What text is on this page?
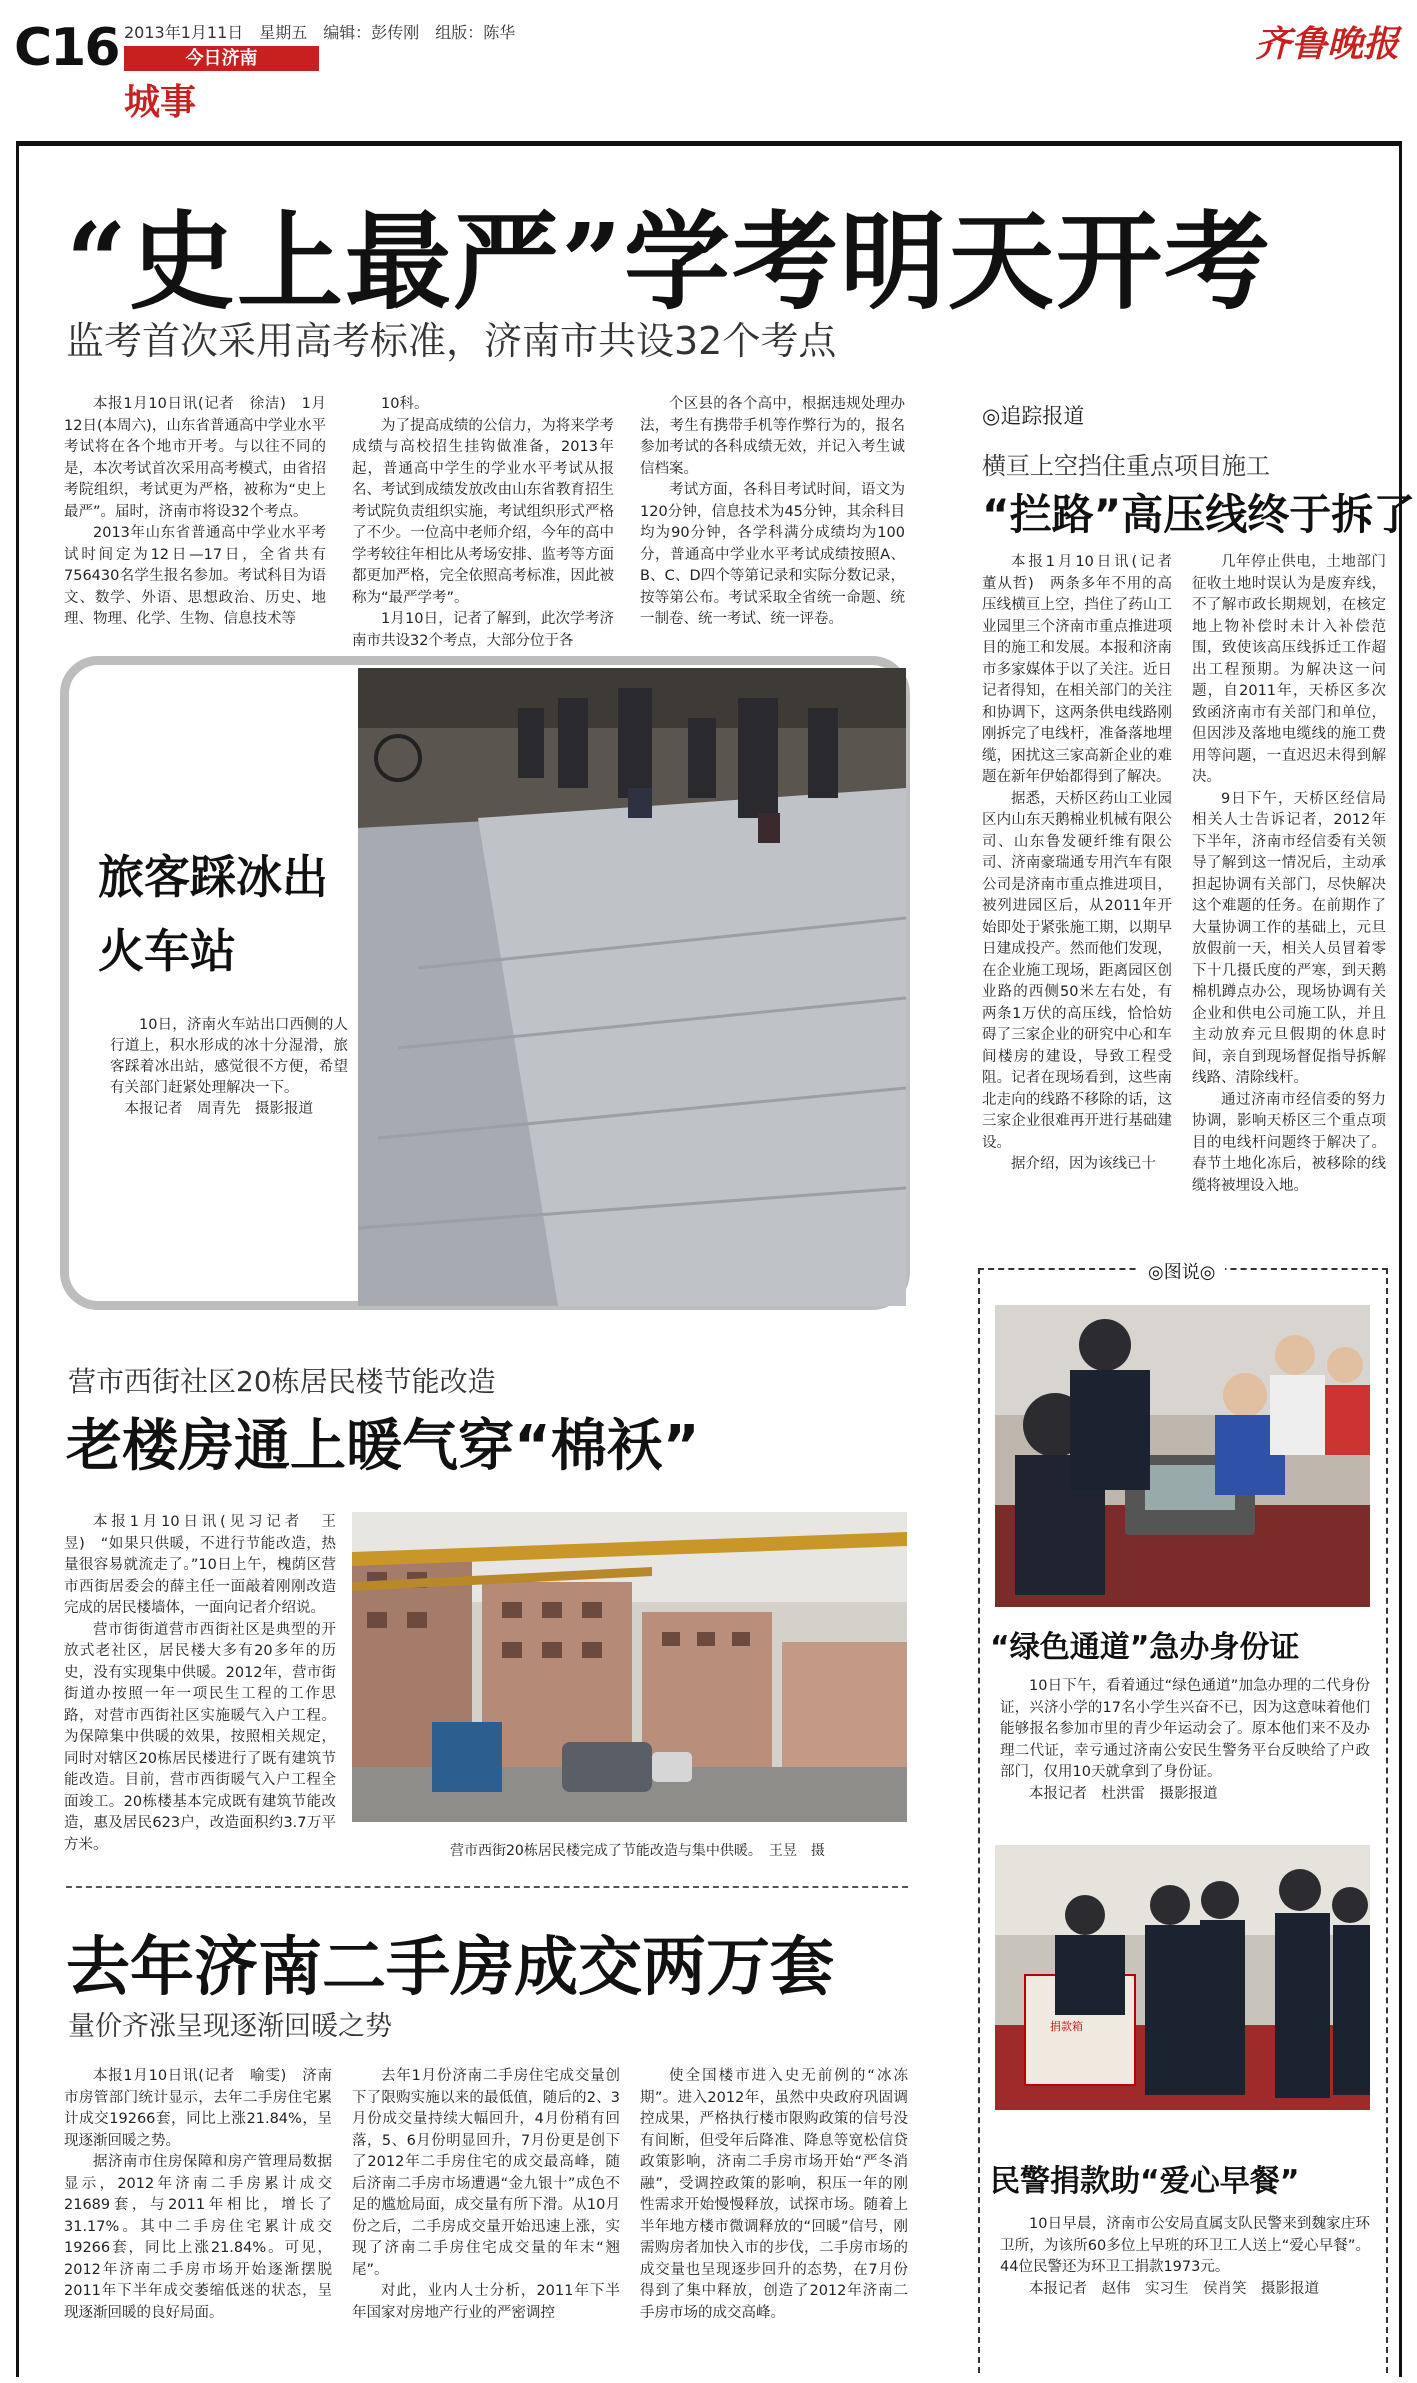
C16 2013年1月11日　星期五　编辑：彭传刚　组版：陈华
今日济南
城事
齐鲁晚报
“史上最严”学考明天开考
监考首次采用高考标准，济南市共设32个考点

本报1月10日讯(记者　徐洁)　1月12日(本周六)，山东省普通高中学业水平考试将在各个地市开考。与以往不同的是，本次考试首次采用高考模式，由省招考院组织，考试更为严格，被称为“史上最严”。届时，济南市将设32个考点。

2013年山东省普通高中学业水平考试时间定为12日—17日，全省共有756430名学生报名参加。考试科目为语文、数学、外语、思想政治、历史、地理、物理、化学、生物、信息技术等

10科。

为了提高成绩的公信力，为将来学考成绩与高校招生挂钩做准备，2013年起，普通高中学生的学业水平考试从报名、考试到成绩发放改由山东省教育招生考试院负责组织实施，考试组织形式严格了不少。一位高中老师介绍，今年的高中学考较往年相比从考场安排、监考等方面都更加严格，完全依照高考标准，因此被称为“最严学考”。

1月10日，记者了解到，此次学考济南市共设32个考点，大部分位于各

个区县的各个高中，根据违规处理办法，考生有携带手机等作弊行为的，报名参加考试的各科成绩无效，并记入考生诚信档案。

考试方面，各科目考试时间，语文为120分钟，信息技术为45分钟，其余科目均为90分钟，各学科满分成绩均为100分，普通高中学业水平考试成绩按照A、B、C、D四个等第记录和实际分数记录，按等第公布。考试采取全省统一命题、统一制卷、统一考试、统一评卷。

旅客踩冰出火车站

10日，济南火车站出口西侧的人行道上，积水形成的冰十分湿滑，旅客踩着冰出站，感觉很不方便，希望有关部门赶紧处理解决一下。

本报记者　周青先　摄影报道

◎追踪报道
横亘上空挡住重点项目施工
“拦路”高压线终于拆了

本报1月10日讯(记者　董从哲)　两条多年不用的高压线横亘上空，挡住了药山工业园里三个济南市重点推进项目的施工和发展。本报和济南市多家媒体于以了关注。近日记者得知，在相关部门的关注和协调下，这两条供电线路刚刚拆完了电线杆，准备落地埋缆，困扰这三家高新企业的难题在新年伊始都得到了解决。

据悉，天桥区药山工业园区内山东天鹅棉业机械有限公司、山东鲁发硬纤维有限公司、济南豪瑞通专用汽车有限公司是济南市重点推进项目，被列进园区后，从2011年开始即处于紧张施工期，以期早日建成投产。然而他们发现，在企业施工现场，距离园区创业路的西侧50米左右处，有两条1万伏的高压线，恰恰妨碍了三家企业的研究中心和车间楼房的建设，导致工程受阻。记者在现场看到，这些南北走向的线路不移除的话，这三家企业很难再开进行基础建设。

据介绍，因为该线已十

几年停止供电，土地部门征收土地时误认为是废弃线，不了解市政长期规划，在核定地上物补偿时未计入补偿范围，致使该高压线拆迁工作超出工程预期。为解决这一问题，自2011年，天桥区多次致函济南市有关部门和单位，但因涉及落地电缆线的施工费用等问题，一直迟迟未得到解决。

9日下午，天桥区经信局相关人士告诉记者，2012年下半年，济南市经信委有关领导了解到这一情况后，主动承担起协调有关部门，尽快解决这个难题的任务。在前期作了大量协调工作的基础上，元旦放假前一天，相关人员冒着零下十几摄氏度的严寒，到天鹅棉机蹲点办公，现场协调有关企业和供电公司施工队，并且主动放弃元旦假期的休息时间，亲自到现场督促指导拆解线路、清除线杆。

通过济南市经信委的努力协调，影响天桥区三个重点项目的电线杆问题终于解决了。春节土地化冻后，被移除的线缆将被埋设入地。

◎图说◎
“绿色通道”急办身份证

10日下午，看着通过“绿色通道”加急办理的二代身份证，兴济小学的17名小学生兴奋不已，因为这意味着他们能够报名参加市里的青少年运动会了。原本他们来不及办理二代证，幸亏通过济南公安民生警务平台反映给了户政部门，仅用10天就拿到了身份证。

本报记者　杜洪雷　摄影报道

捐款箱
民警捐款助“爱心早餐”

10日早晨，济南市公安局直属支队民警来到魏家庄环卫所，为该所60多位上早班的环卫工人送上“爱心早餐”。44位民警还为环卫工捐款1973元。

本报记者　赵伟　实习生　侯肖笑　摄影报道

营市西街社区20栋居民楼节能改造
老楼房通上暖气穿“棉袄”

本报1月10日讯(见习记者　王昱)　“如果只供暖，不进行节能改造，热量很容易就流走了。”10日上午，槐荫区营市西街居委会的薛主任一面敲着刚刚改造完成的居民楼墙体，一面向记者介绍说。

营市街街道营市西街社区是典型的开放式老社区，居民楼大多有20多年的历史，没有实现集中供暖。2012年，营市街街道办按照一年一项民生工程的工作思路，对营市西街社区实施暖气入户工程。为保障集中供暖的效果，按照相关规定，同时对辖区20栋居民楼进行了既有建筑节能改造。目前，营市西街暖气入户工程全面竣工。20栋楼基本完成既有建筑节能改造，惠及居民623户，改造面积约3.7万平方米。	营市西街20栋居民楼完成了节能改造与集中供暖。　王昱　摄
去年济南二手房成交两万套
量价齐涨呈现逐渐回暖之势

本报1月10日讯(记者　喻雯)　济南市房管部门统计显示，去年二手房住宅累计成交19266套，同比上涨21.84%，呈现逐渐回暖之势。

据济南市住房保障和房产管理局数据显示，2012年济南二手房累计成交21689套，与2011年相比，增长了31.17%。其中二手房住宅累计成交19266套，同比上涨21.84%。可见，2012年济南二手房市场开始逐渐摆脱2011年下半年成交萎缩低迷的状态，呈现逐渐回暖的良好局面。

去年1月份济南二手房住宅成交量创下了限购实施以来的最低值，随后的2、3月份成交量持续大幅回升，4月份稍有回落，5、6月份明显回升，7月份更是创下了2012年二手房住宅的成交最高峰，随后济南二手房市场遭遇“金九银十”成色不足的尴尬局面，成交量有所下滑。从10月份之后，二手房成交量开始迅速上涨，实现了济南二手房住宅成交量的年末“翘尾”。

对此，业内人士分析，2011年下半年国家对房地产行业的严密调控

使全国楼市进入史无前例的“冰冻期”。进入2012年，虽然中央政府巩固调控成果，严格执行楼市限购政策的信号没有间断，但受年后降准、降息等宽松信贷政策影响，济南二手房市场开始“严冬消融”，受调控政策的影响，积压一年的刚性需求开始慢慢释放，试探市场。随着上半年地方楼市微调释放的“回暖”信号，刚需购房者加快入市的步伐，二手房市场的成交量也呈现逐步回升的态势，在7月份得到了集中释放，创造了2012年济南二手房市场的成交高峰。
